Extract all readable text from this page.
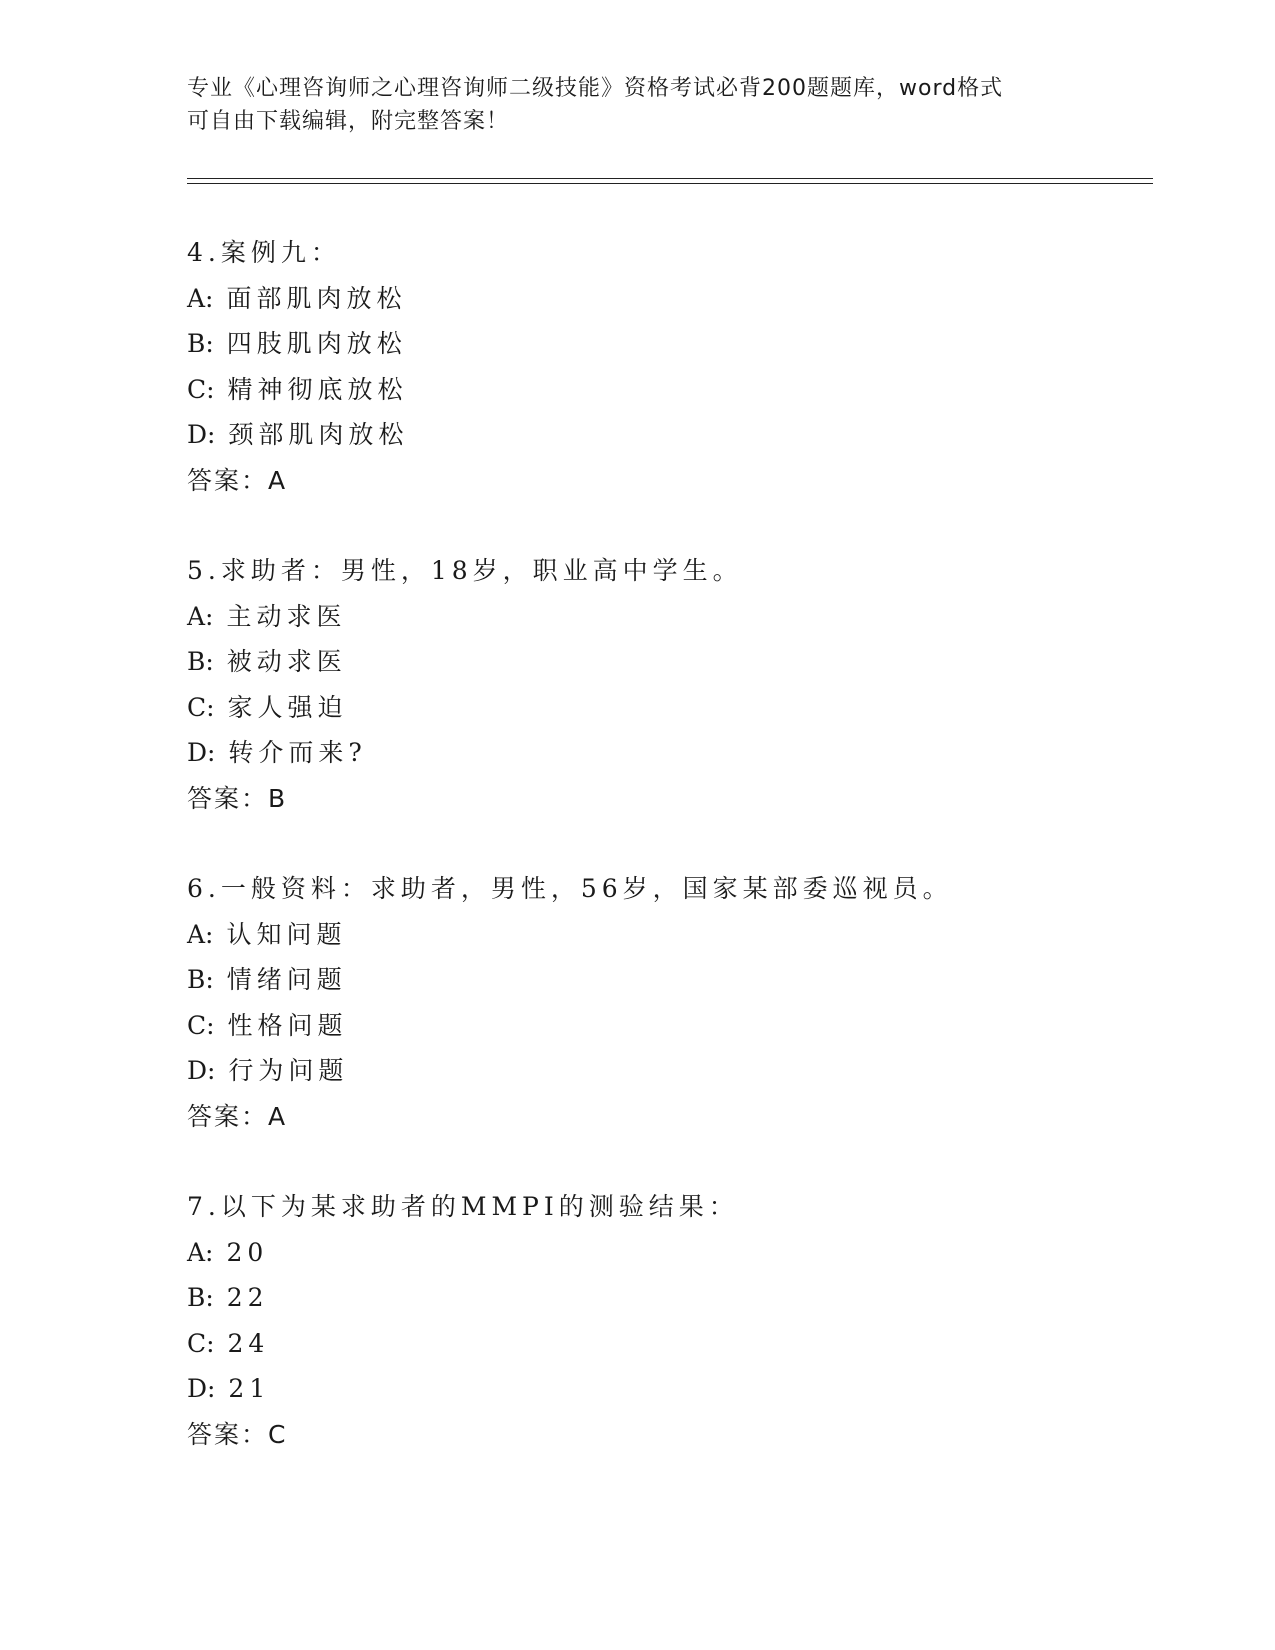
专业《心理咨询师之心理咨询师二级技能》资格考试必背200题题库，word格式
可自由下载编辑，附完整答案！
4.案例九：
A: 面部肌肉放松
B: 四肢肌肉放松
C: 精神彻底放松
D: 颈部肌肉放松
答案：A
5.求助者：男性，18岁，职业高中学生。
A: 主动求医
B: 被动求医
C: 家人强迫
D: 转介而来?
答案：B
6.一般资料：求助者，男性，56岁，国家某部委巡视员。
A: 认知问题
B: 情绪问题
C: 性格问题
D: 行为问题
答案：A
7.以下为某求助者的MMPI的测验结果：
A: 20
B: 22
C: 24
D: 21
答案：C
